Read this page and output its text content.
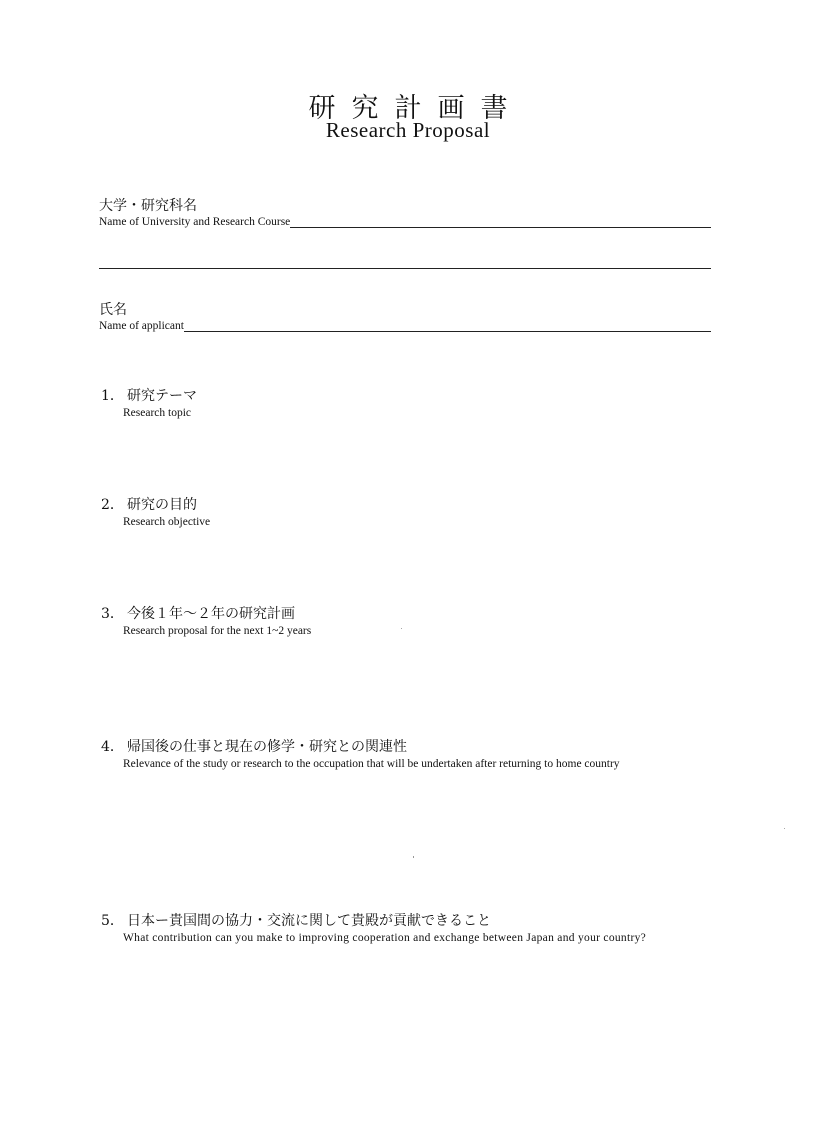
研究計画書
Research Proposal
大学・研究科名
Name of University and Research Course
氏名
Name of applicant
1． 研究テーマ
Research topic
2． 研究の目的
Research objective
3． 今後１年～２年の研究計画
Research proposal for the next 1~2 years
4． 帰国後の仕事と現在の修学・研究との関連性
Relevance of the study or research to the occupation that will be undertaken after returning to home country
5． 日本ー貴国間の協力・交流に関して貴殿が貢献できること
What contribution can you make to improving cooperation and exchange between Japan and your country?
